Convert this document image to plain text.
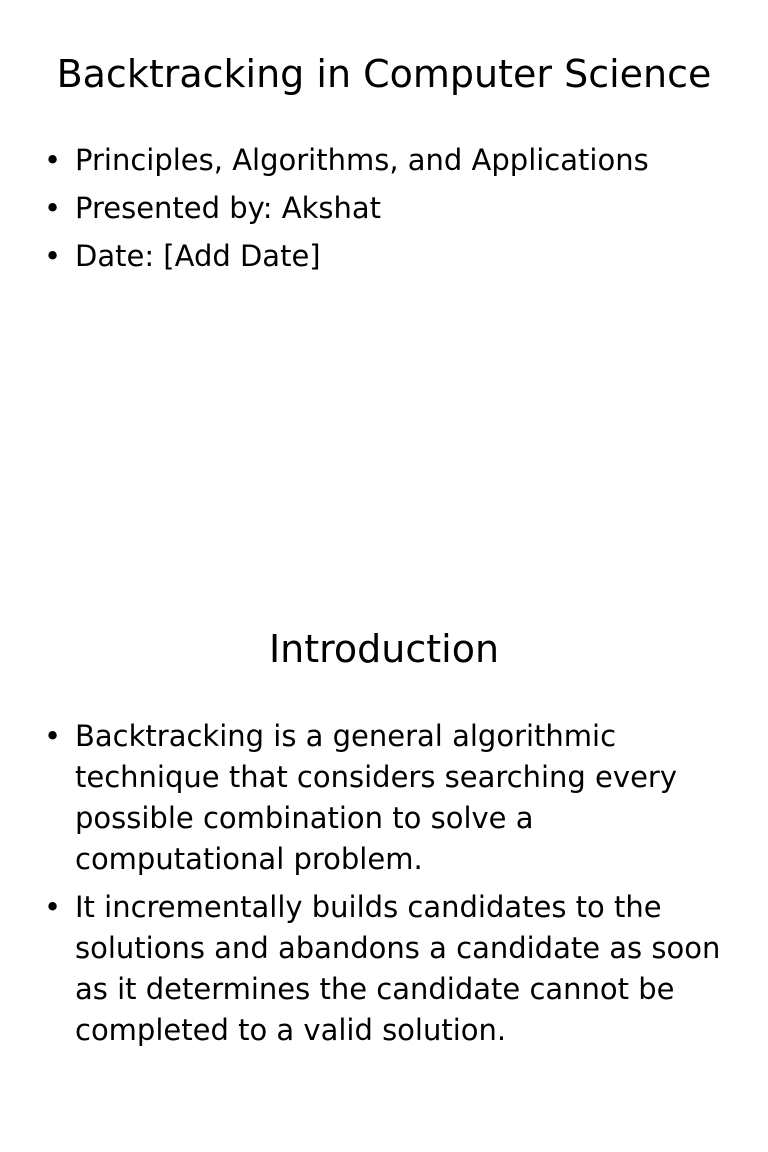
Backtracking in Computer Science
• Principles, Algorithms, and Applications
• Presented by: Akshat
• Date: [Add Date]
Introduction
• Backtracking is a general algorithmic technique that considers searching every possible combination to solve a computational problem.
• It incrementally builds candidates to the solutions and abandons a candidate as soon as it determines the candidate cannot be completed to a valid solution.
